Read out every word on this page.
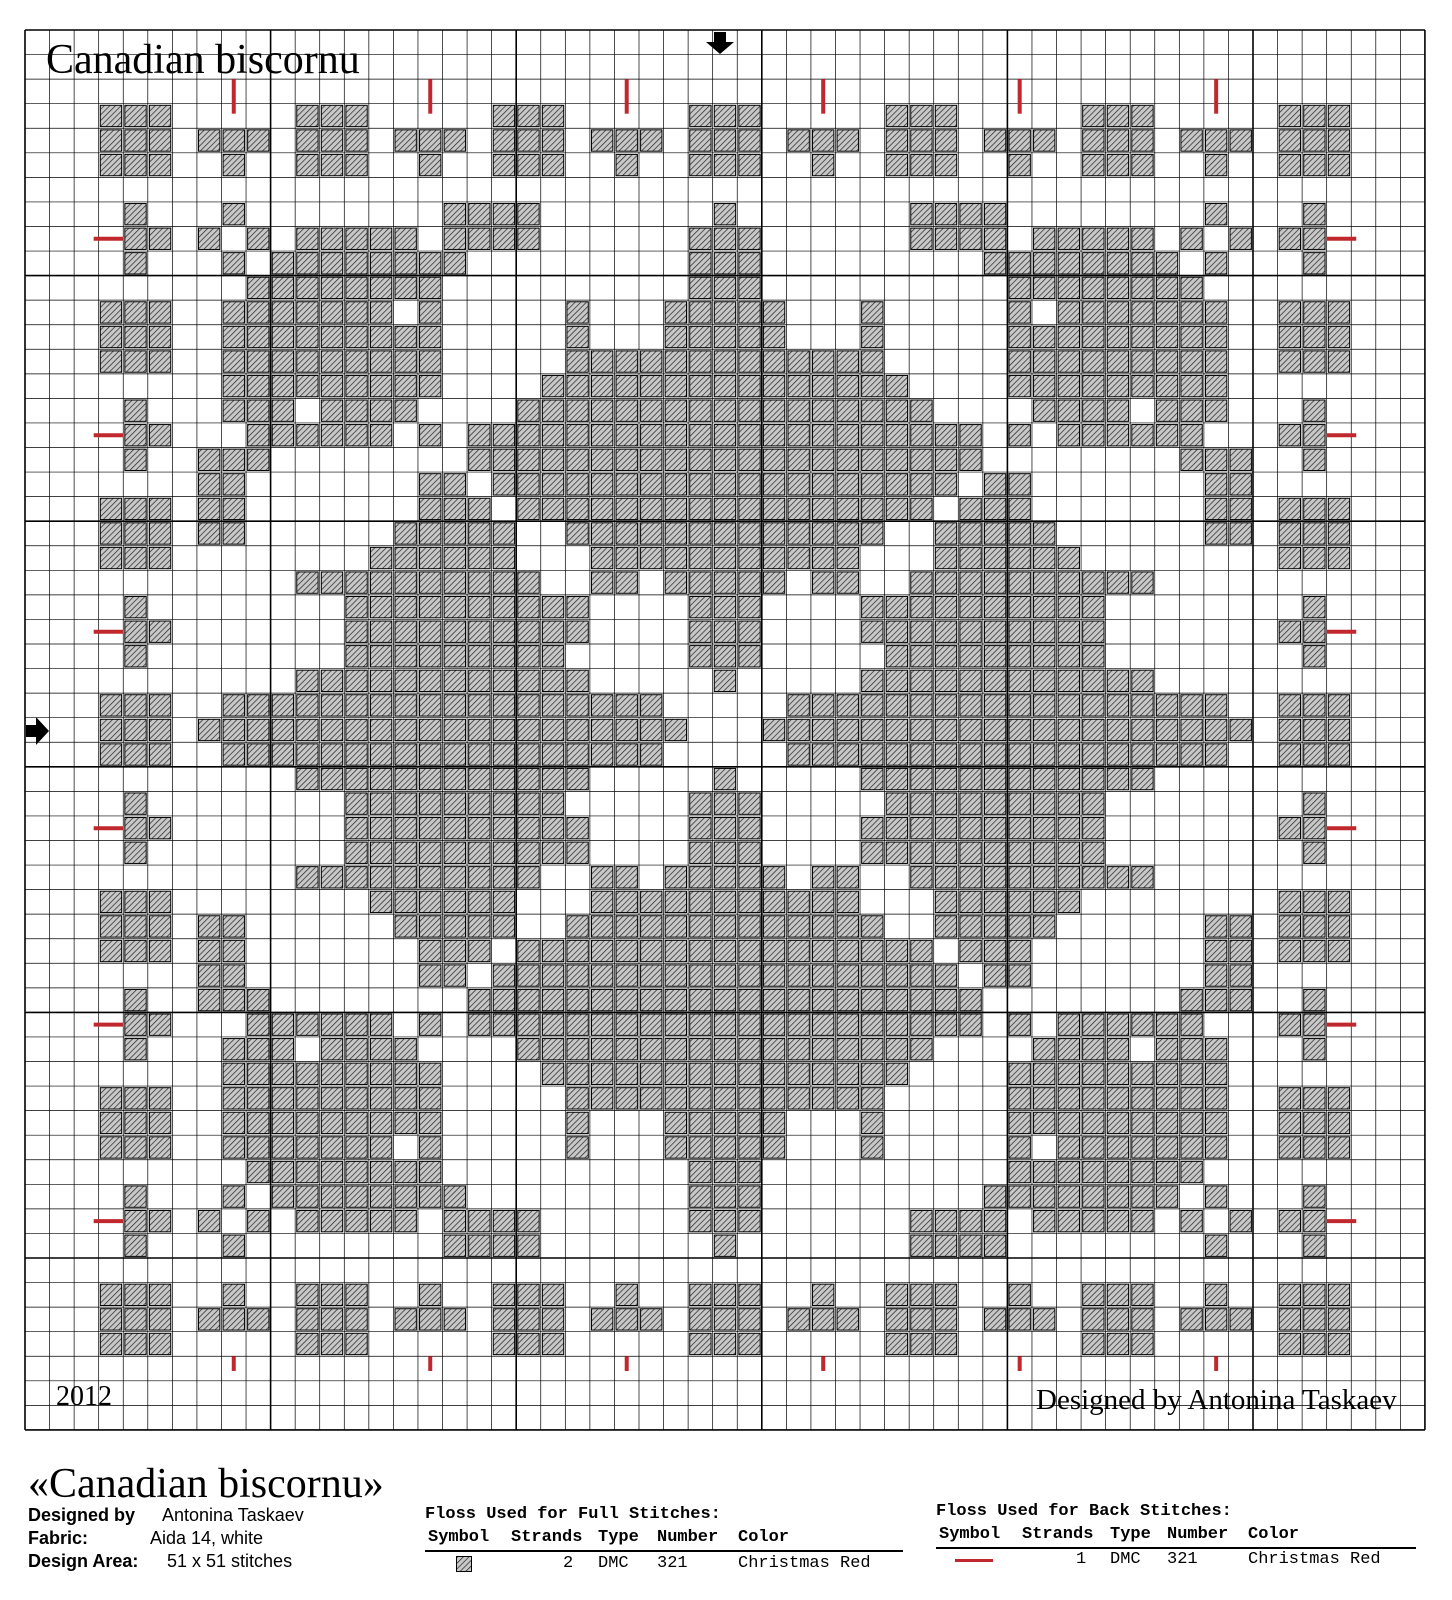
Canadian biscornu
2012	Designed by Antonina Taskaev
«Canadian biscornu»
Designed by Antonina Taskaev
Fabric:	Aida 14, white
Design Area: 51 x 51 stitches
Floss Used for Full Stitches:
Symbol Strands Type Number Color
2 DMC 321	Christmas Red
Floss Used for Back Stitches:
Symbol Strands Type Number Color
1 DMC 321	Christmas Red
